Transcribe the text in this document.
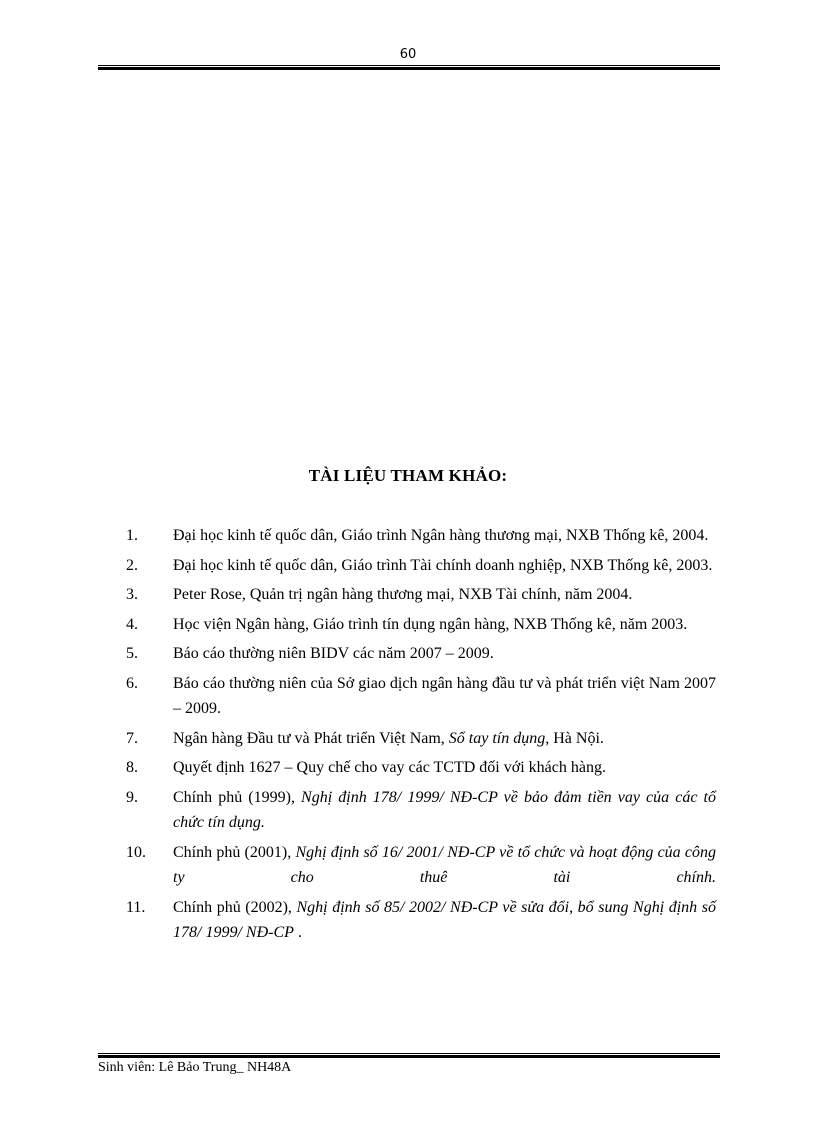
60
TÀI LIỆU THAM KHẢO:
1. Đại học kinh tế quốc dân, Giáo trình Ngân hàng thương mại, NXB Thống kê, 2004.
2. Đại học kinh tế quốc dân, Giáo trình Tài chính doanh nghiệp, NXB Thống kê, 2003.
3. Peter Rose, Quản trị ngân hàng thương mại, NXB Tài chính, năm 2004.
4. Học viện Ngân hàng, Giáo trình tín dụng ngân hàng, NXB Thống kê, năm 2003.
5. Báo cáo thường niên BIDV các năm 2007 – 2009.
6. Báo cáo thường niên của Sở giao dịch ngân hàng đầu tư và phát triển việt Nam 2007 – 2009.
7. Ngân hàng Đầu tư và Phát triển Việt Nam, Sổ tay tín dụng, Hà Nội.
8. Quyết định 1627 – Quy chế cho vay các TCTD đối với khách hàng.
9. Chính phủ (1999), Nghị định 178/ 1999/ NĐ-CP về bảo đảm tiền vay của các tổ chức tín dụng.
10. Chính phủ (2001), Nghị định số 16/ 2001/ NĐ-CP về tổ chức và hoạt động của công ty cho thuê tài chính.
11. Chính phủ (2002), Nghị định số 85/ 2002/ NĐ-CP về sửa đổi, bổ sung Nghị định số 178/ 1999/ NĐ-CP .
Sinh viên: Lê Bảo Trung_ NH48A
